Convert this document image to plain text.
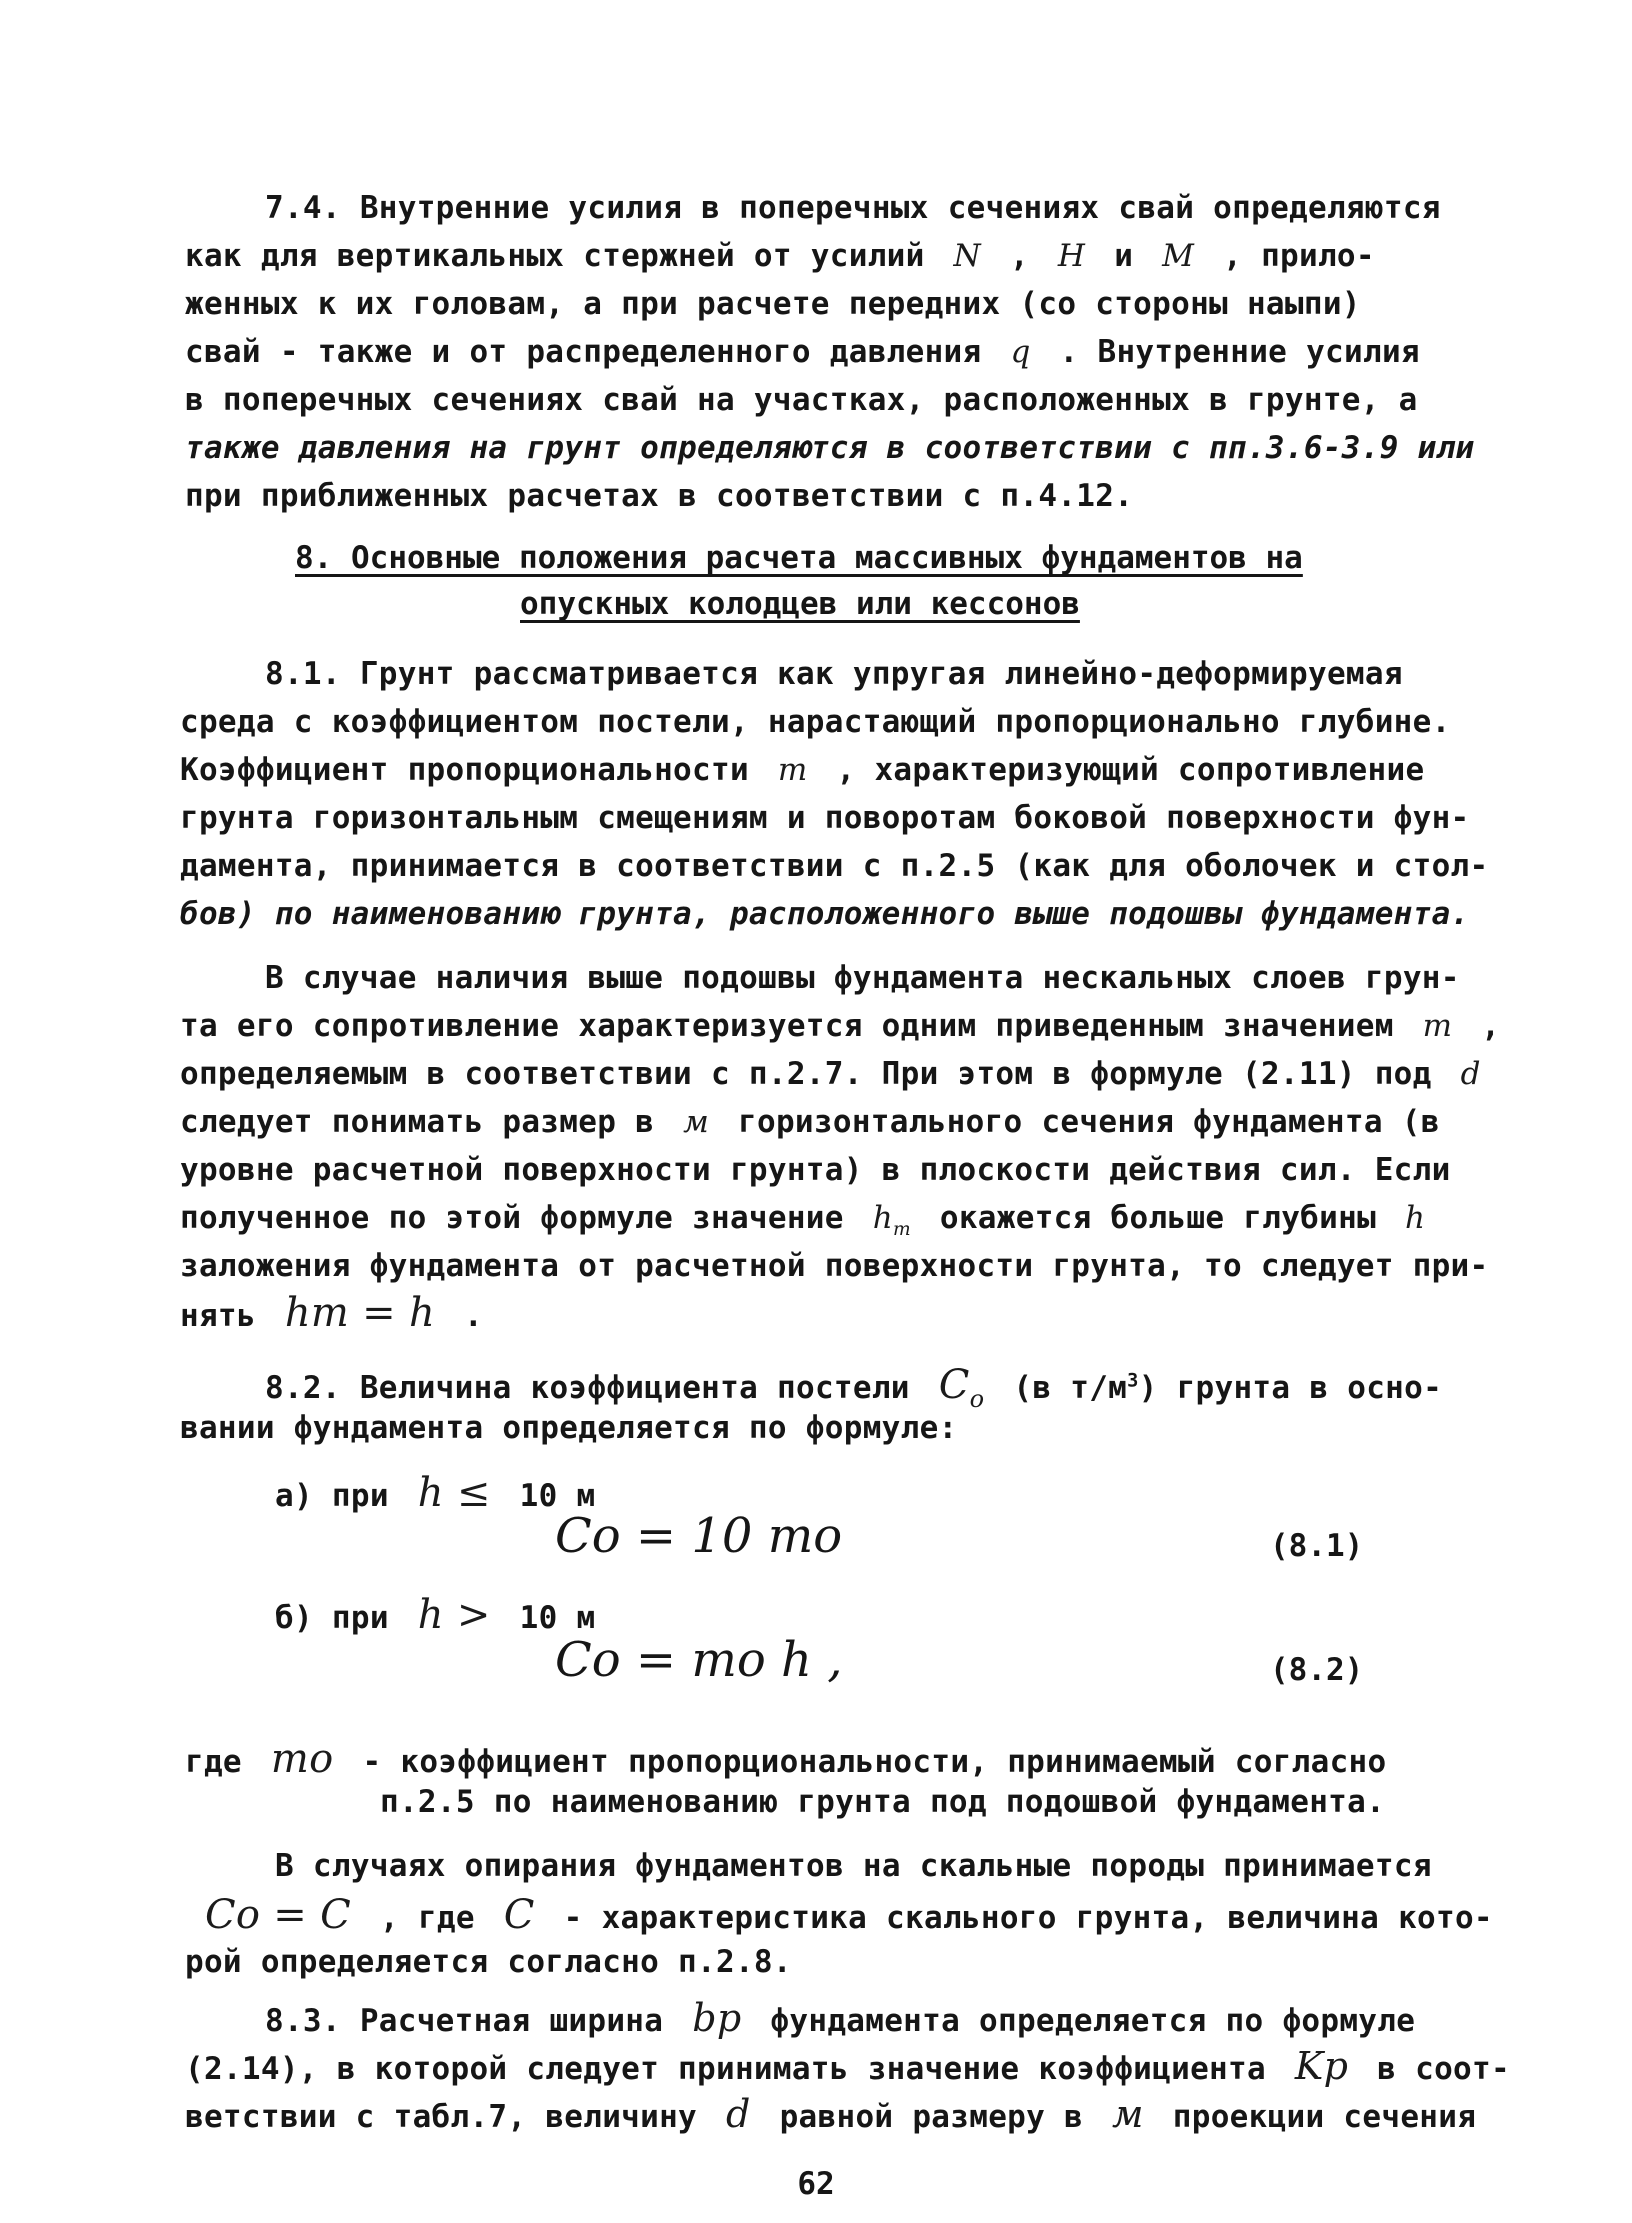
7.4. Внутренние усилия в поперечных сечениях свай определяются
как для вертикальных стержней от усилий N , H и M , прило-
женных к их головам, а при расчете передних (со стороны наыпи)
свай - также и от распределенного давления q . Внутренние усилия
в поперечных сечениях свай на участках, расположенных в грунте, а
также давления на грунт определяются в соответствии с пп.3.6-3.9 или
при приближенных расчетах в соответствии с п.4.12.
8. Основные положения расчета массивных фундаментов на
опускных колодцев или кессонов
8.1. Грунт рассматривается как упругая линейно-деформируемая
среда с коэффициентом постели, нарастающий пропорционально глубине.
Коэффициент пропорциональности m , характеризующий сопротивление
грунта горизонтальным смещениям и поворотам боковой поверхности фун-
дамента, принимается в соответствии с п.2.5 (как для оболочек и стол-
бов) по наименованию грунта, расположенного выше подошвы фундамента.
В случае наличия выше подошвы фундамента нескальных слоев грун-
та его сопротивление характеризуется одним приведенным значением m ,
определяемым в соответствии с п.2.7. При этом в формуле (2.11) под d
следует понимать размер в м горизонтального сечения фундамента (в
уровне расчетной поверхности грунта) в плоскости действия сил. Если
полученное по этой формуле значение $h_m$ окажется больше глубины h
заложения фундамента от расчетной поверхности грунта, то следует при-
нять hm = h .
8.2. Величина коэффициента постели $C_o$ (в $т/м^3$) грунта в осно-
вании фундамента определяется по формуле:
а) при h ≤ 10 м
Co = 10 mo	(8.1)
б) при h > 10 м
Co = mo h ,	(8.2)
где mo - коэффициент пропорциональности, принимаемый согласно
п.2.5 по наименованию грунта под подошвой фундамента.
В случаях опирания фундаментов на скальные породы принимается
Co = C , где C - характеристика скального грунта, величина кото-
рой определяется согласно п.2.8.
8.3. Расчетная ширина bp фундамента определяется по формуле
62
(2.14), в которой следует принимать значение коэффициента Kp в соот-
ветствии с табл.7, величину d равной размеру в м проекции сечения
